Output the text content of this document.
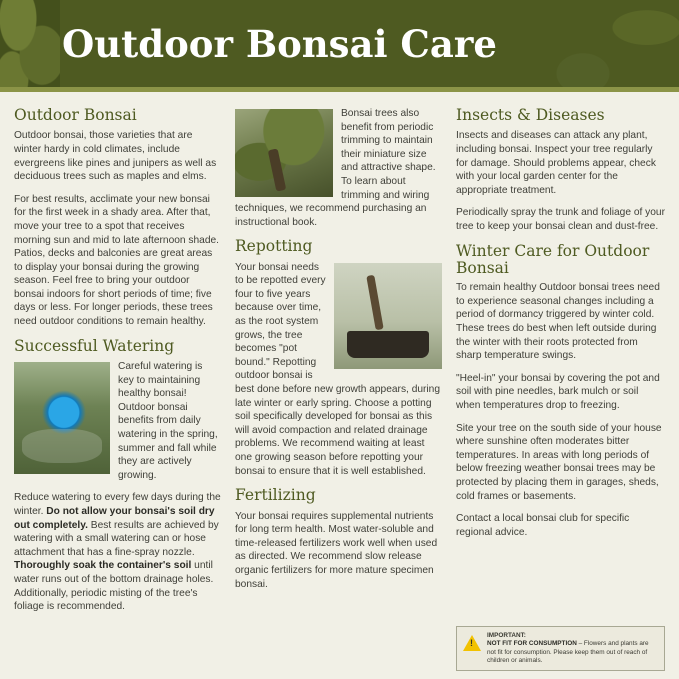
Outdoor Bonsai Care
Outdoor Bonsai

Outdoor bonsai, those varieties that are winter hardy in cold climates, include evergreens like pines and junipers as well as deciduous trees such as maples and elms.

For best results, acclimate your new bonsai for the first week in a shady area. After that, move your tree to a spot that receives morning sun and mid to late afternoon shade. Patios, decks and balconies are great areas to display your bonsai during the growing season. Feel free to bring your outdoor bonsai indoors for short periods of time; five days or less. For longer periods, these trees need outdoor conditions to remain healthy.

Successful Watering

Careful watering is key to maintaining healthy bonsai! Outdoor bonsai benefits from daily watering in the spring, summer and fall while they are actively growing.

Reduce watering to every few days during the winter. Do not allow your bonsai's soil dry out completely. Best results are achieved by watering with a small watering can or hose attachment that has a fine-spray nozzle. Thoroughly soak the container's soil until water runs out of the bottom drainage holes. Additionally, periodic misting of the tree's foliage is recommended.

Bonsai trees also benefit from periodic trimming to maintain their miniature size and attractive shape. To learn about trimming and wiring techniques, we recommend purchasing an instructional book.

Repotting

Your bonsai needs to be repotted every four to five years because over time, as the root system grows, the tree becomes "pot bound." Repotting outdoor bonsai is best done before new growth appears, during late winter or early spring. Choose a potting soil specifically developed for bonsai as this will avoid compaction and related drainage problems. We recommend waiting at least one growing season before repotting your bonsai to ensure that it is well established.

Fertilizing

Your bonsai requires supplemental nutrients for long term health. Most water-soluble and time-released fertilizers work well when used as directed. We recommend slow release organic fertilizers for more mature specimen bonsai.

Insects & Diseases

Insects and diseases can attack any plant, including bonsai. Inspect your tree regularly for damage. Should problems appear, check with your local garden center for the appropriate treatment.

Periodically spray the trunk and foliage of your tree to keep your bonsai clean and dust-free.

Winter Care for Outdoor Bonsai

To remain healthy Outdoor bonsai trees need to experience seasonal changes including a period of dormancy triggered by winter cold. These trees do best when left outside during the winter with their roots protected from sharp temperature swings.

"Heel-in" your bonsai by covering the pot and soil with pine needles, bark mulch or soil when temperatures drop to freezing.

Site your tree on the south side of your house where sunshine often moderates bitter temperatures. In areas with long periods of below freezing weather bonsai trees may be protected by placing them in garages, sheds, cold frames or basements.

Contact a local bonsai club for specific regional advice.

!
IMPORTANT:
NOT FIT FOR CONSUMPTION – Flowers and plants are not fit for consumption. Please keep them out of reach of children or animals.
